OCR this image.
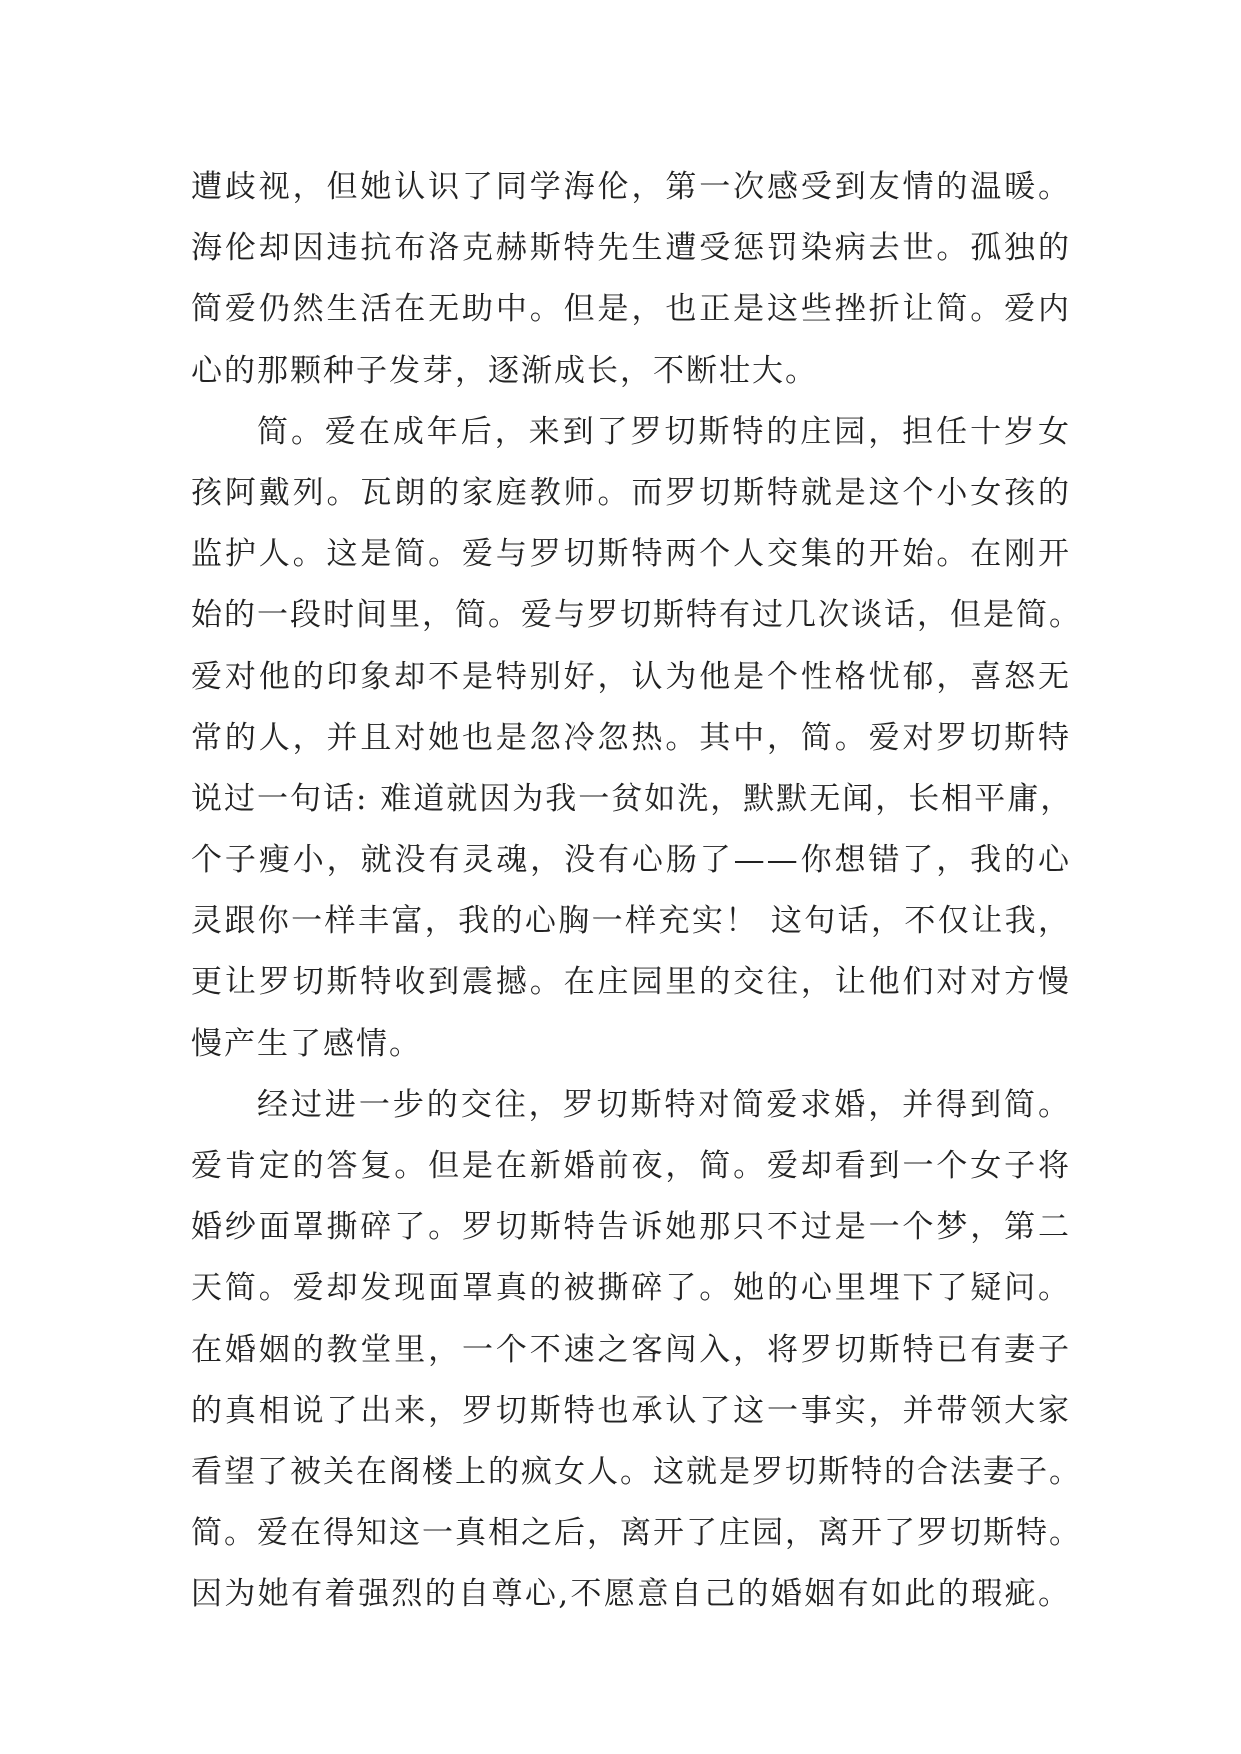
遭歧视，但她认识了同学海伦，第一次感受到友情的温暖。
海伦却因违抗布洛克赫斯特先生遭受惩罚染病去世。孤独的
简爱仍然生活在无助中。但是，也正是这些挫折让简。爱内
心的那颗种子发芽，逐渐成长，不断壮大。
简。爱在成年后，来到了罗切斯特的庄园，担任十岁女
孩阿戴列。瓦朗的家庭教师。而罗切斯特就是这个小女孩的
监护人。这是简。爱与罗切斯特两个人交集的开始。在刚开
始的一段时间里，简。爱与罗切斯特有过几次谈话，但是简。
爱对他的印象却不是特别好，认为他是个性格忧郁，喜怒无
常的人，并且对她也是忽冷忽热。其中，简。爱对罗切斯特
说过一句话: 难道就因为我一贫如洗，默默无闻，长相平庸，
个子瘦小，就没有灵魂，没有心肠了——你想错了，我的心
灵跟你一样丰富，我的心胸一样充实！ 这句话，不仅让我，
更让罗切斯特收到震撼。在庄园里的交往，让他们对对方慢
慢产生了感情。
经过进一步的交往，罗切斯特对简爱求婚，并得到简。
爱肯定的答复。但是在新婚前夜，简。爱却看到一个女子将
婚纱面罩撕碎了。罗切斯特告诉她那只不过是一个梦，第二
天简。爱却发现面罩真的被撕碎了。她的心里埋下了疑问。
在婚姻的教堂里，一个不速之客闯入，将罗切斯特已有妻子
的真相说了出来，罗切斯特也承认了这一事实，并带领大家
看望了被关在阁楼上的疯女人。这就是罗切斯特的合法妻子。
简。爱在得知这一真相之后，离开了庄园，离开了罗切斯特。
因为她有着强烈的自尊心,不愿意自己的婚姻有如此的瑕疵。
